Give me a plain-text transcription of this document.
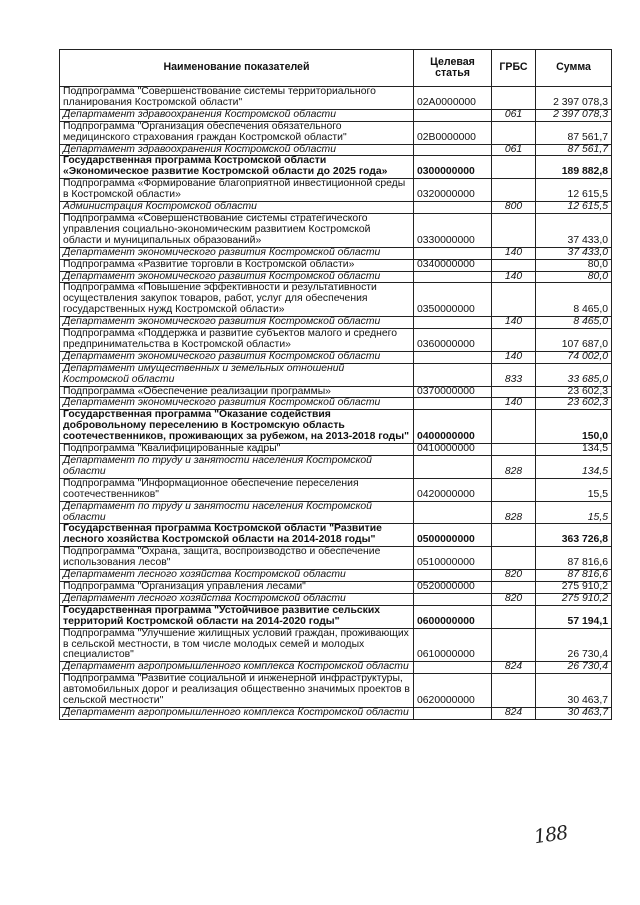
Наименование показателей	Целевая статья	ГРБС	Сумма
Подпрограмма "Совершенствование системы территориального планирования Костромской области"	02А0000000		2 397 078,3
Департамент здравоохранения Костромской области		061	2 397 078,3
Подпрограмма "Организация обеспечения обязательного медицинского страхования граждан Костромской области"	02В0000000		87 561,7
Департамент здравоохранения Костромской области		061	87 561,7
Государственная программа Костромской области «Экономическое развитие Костромской области до 2025 года»	0300000000		189 882,8
Подпрограмма «Формирование благоприятной инвестиционной среды в Костромской области»	0320000000		12 615,5
Администрация Костромской области		800	12 615,5
Подпрограмма «Совершенствование системы стратегического управления социально-экономическим развитием Костромской области и муниципальных образований»	0330000000		37 433,0
Департамент экономического развития Костромской области		140	37 433,0
Подпрограмма «Развитие торговли в Костромской области»	0340000000		80,0
Департамент экономического развития Костромской области		140	80,0
Подпрограмма «Повышение эффективности и результативности осуществления закупок товаров, работ, услуг для обеспечения государственных нужд Костромской области»	0350000000		8 465,0
Департамент экономического развития Костромской области		140	8 465,0
Подпрограмма «Поддержка и развитие субъектов малого и среднего предпринимательства в Костромской области»	0360000000		107 687,0
Департамент экономического развития Костромской области		140	74 002,0
Департамент имущественных и земельных отношений Костромской области		833	33 685,0
Подпрограмма «Обеспечение реализации программы»	0370000000		23 602,3
Департамент экономического развития Костромской области		140	23 602,3
Государственная программа "Оказание содействия добровольному переселению в Костромскую область соотечественников, проживающих за рубежом, на 2013-2018 годы"	0400000000		150,0
Подпрограмма "Квалифицированные кадры"	0410000000		134,5
Департамент по труду и занятости населения Костромской области		828	134,5
Подпрограмма "Информационное обеспечение переселения соотечественников"	0420000000		15,5
Департамент по труду и занятости населения Костромской области		828	15,5
Государственная программа Костромской области "Развитие лесного хозяйства Костромской области на 2014-2018 годы"	0500000000		363 726,8
Подпрограмма "Охрана, защита, воспроизводство и обеспечение использования лесов"	0510000000		87 816,6
Департамент лесного хозяйства Костромской области		820	87 816,6
Подпрограмма "Организация управления лесами"	0520000000		275 910,2
Департамент лесного хозяйства Костромской области		820	275 910,2
Государственная программа "Устойчивое развитие сельских территорий Костромской области на 2014-2020 годы"	0600000000		57 194,1
Подпрограмма "Улучшение жилищных условий граждан, проживающих в сельской местности, в том числе молодых семей и молодых специалистов"	0610000000		26 730,4
Департамент агропромышленного комплекса Костромской области		824	26 730,4
Подпрограмма "Развитие социальной и инженерной инфраструктуры, автомобильных дорог и реализация общественно значимых проектов в сельской местности"	0620000000		30 463,7
Департамент агропромышленного комплекса Костромской области		824	30 463,7
188
